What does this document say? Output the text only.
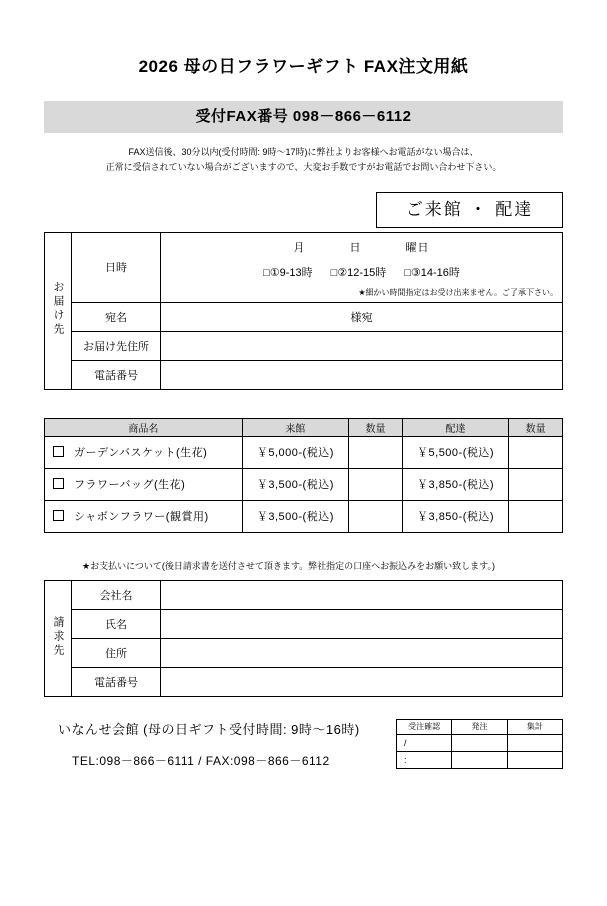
2026 母の日フラワーギフト FAX注文用紙
受付FAX番号 098－866－6112
FAX送信後、30分以内(受付時間: 9時～17時)に弊社よりお客様へお電話がない場合は、
正常に受信されていない場合がございますので、大変お手数ですがお電話でお問い合わせ下さい。
ご来館 ・ 配達
お届け先	日時	月 日 曜日
□①9-13時 □②12-15時 □③14-16時
★細かい時間指定はお受け出来ません。ご了承下さい。

	宛名	様宛
	お届け先住所	
	電話番号	
商品名	来館	数量	配達	数量
ガーデンバスケット(生花)	￥5,000-(税込)		￥5,500-(税込)	
フラワーバッグ(生花)	￥3,500-(税込)		￥3,850-(税込)	
シャボンフラワー(観賞用)	￥3,500-(税込)		￥3,850-(税込)	
★お支払いについて(後日請求書を送付させて頂きます。弊社指定の口座へお振込みをお願い致します。)
請求先	会社名	
	氏名	
	住所	
	電話番号	
いなんせ会館 (母の日ギフト受付時間: 9時～16時)
TEL:098－866－6111 / FAX:098－866－6112
受注確認	発注	集計
/		
:		
